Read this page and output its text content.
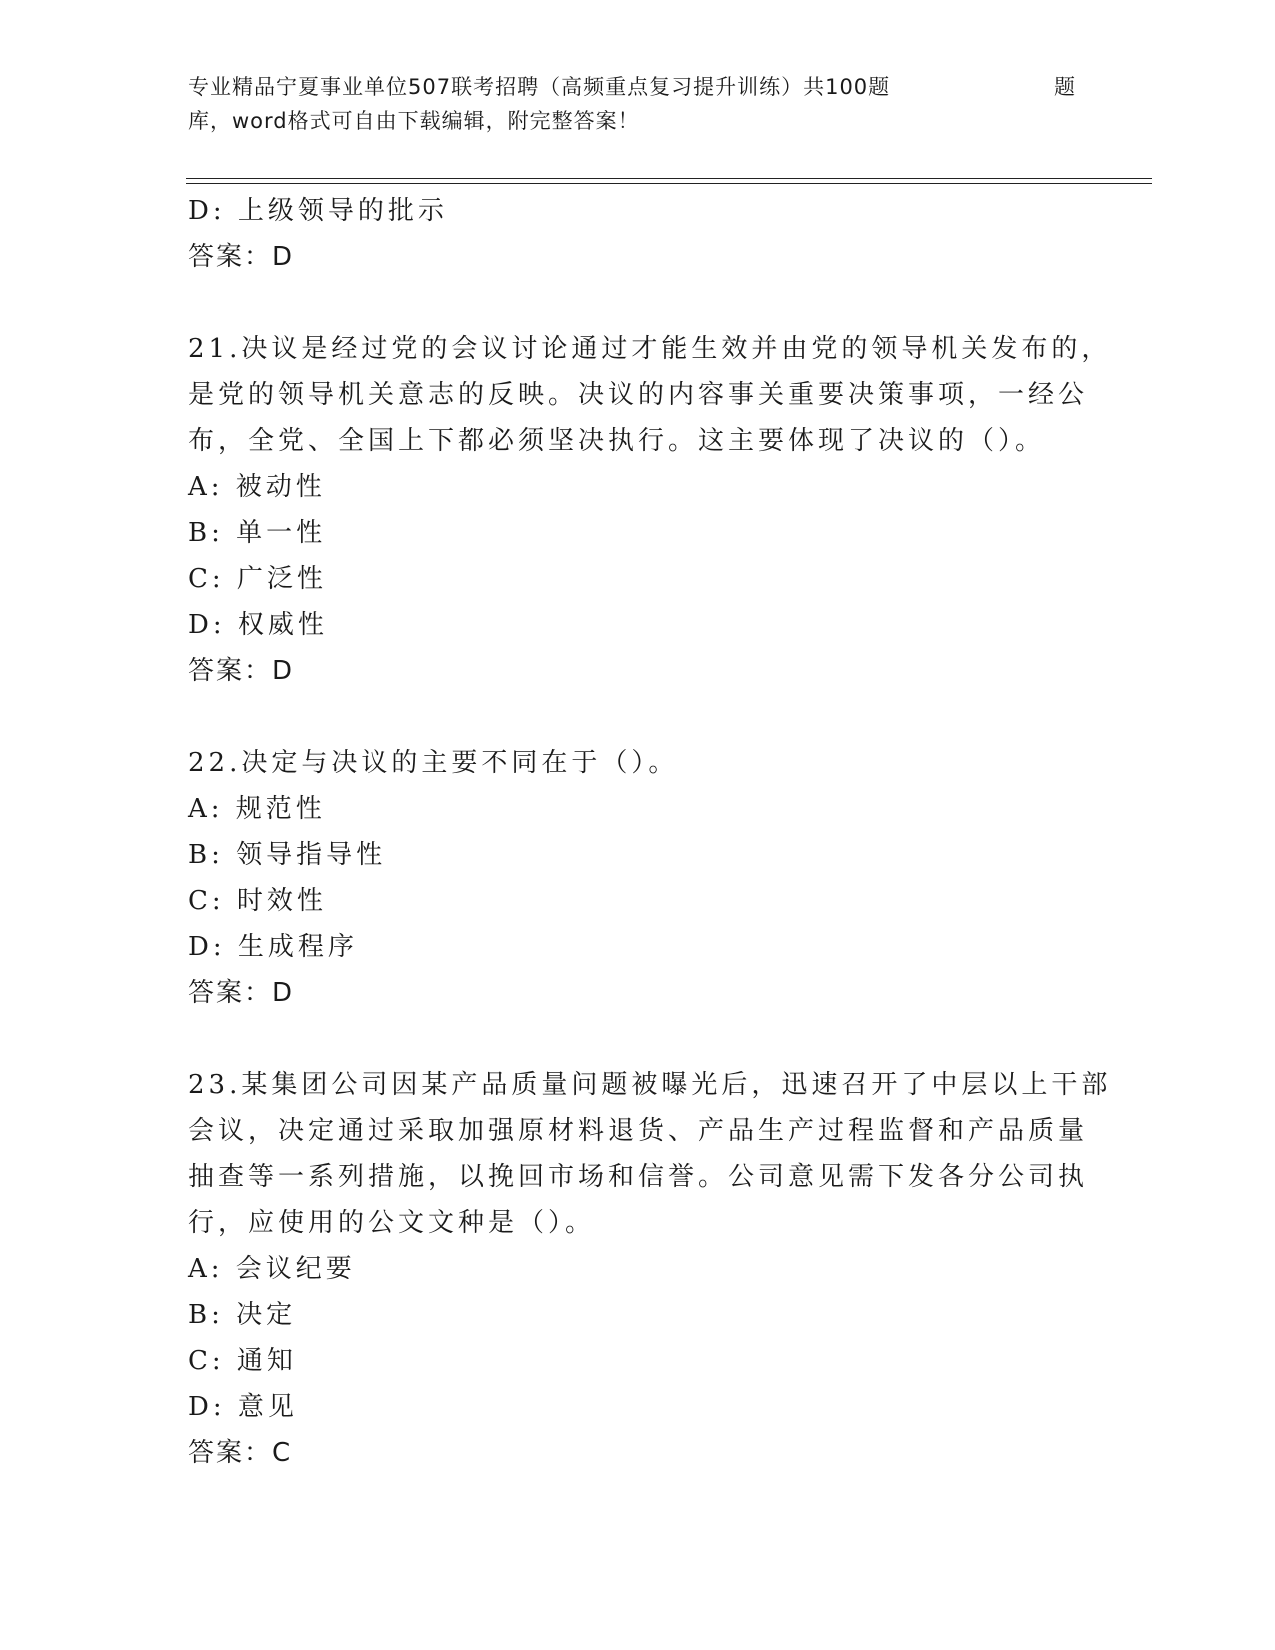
专业精品宁夏事业单位507联考招聘（高频重点复习提升训练）共100题	题
库，word格式可自由下载编辑，附完整答案！
D: 上级领导的批示
答案：D
21.决议是经过党的会议讨论通过才能生效并由党的领导机关发布的，
是党的领导机关意志的反映。决议的内容事关重要决策事项，一经公
布，全党、全国上下都必须坚决执行。这主要体现了决议的（）。
A: 被动性
B: 单一性
C: 广泛性
D: 权威性
答案：D
22.决定与决议的主要不同在于（）。
A: 规范性
B: 领导指导性
C: 时效性
D: 生成程序
答案：D
23.某集团公司因某产品质量问题被曝光后，迅速召开了中层以上干部
会议，决定通过采取加强原材料退货、产品生产过程监督和产品质量
抽查等一系列措施，以挽回市场和信誉。公司意见需下发各分公司执
行，应使用的公文文种是（）。
A: 会议纪要
B: 决定
C: 通知
D: 意见
答案：C
